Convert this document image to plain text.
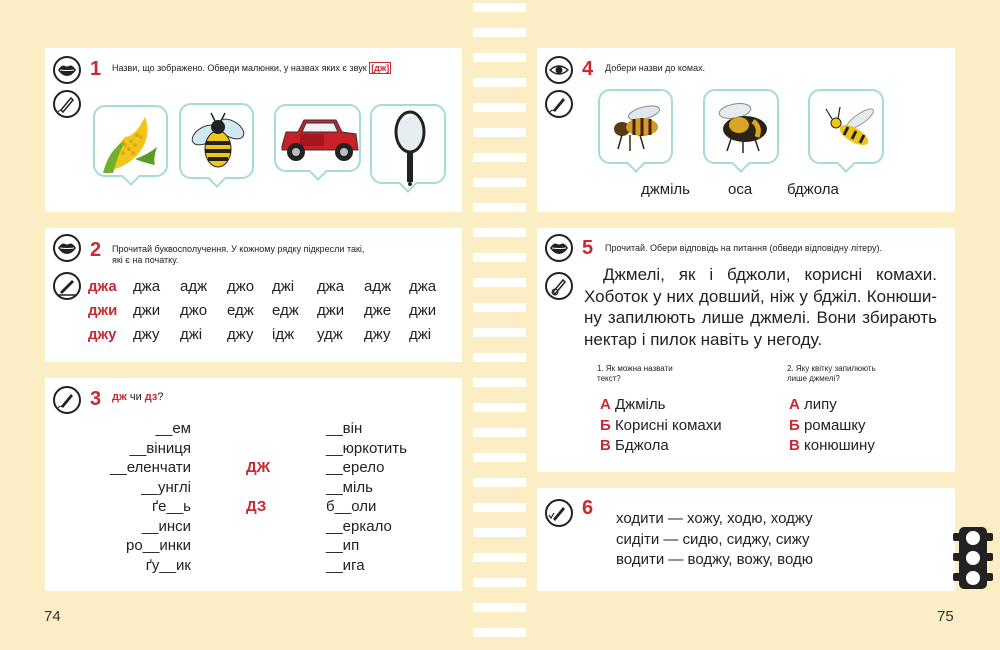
1 Назви, що зображено. Обведи малюнки, у назвах яких є звук [дж]
2 Прочитай буквосполучення. У кожному рядку підкресли такі,
які є на початку.
джа джа адж джо джі джа адж джа
джи джи джо едж едж джи дже джи
джу джу джі джу ідж удж джу джі
3 дж чи дз?
__ем
__віниця
__еленчати
__унглі
ґе__ь
__инси
ро__инки
ґу__ик
__він
__юркотить
__ерело
__міль
б__оли
__еркало
__ип
__ига
ДЖ
ДЗ
74
4 Добери назви до комах.
джміль	оса бджола
5 Прочитай. Обери відповідь на питання (обведи відповідну літеру).
Джмелі, як і бджоли, корисні комахи.
Хоботок у них довший, ніж у бджіл. Конюши-
ну запилюють лише джмелі. Вони збирають
нектар і пилок навіть у негоду.
1. Як можна назвати
текст?
2. Яку квітку запилюють
лише джмелі?
А Джміль
Б Корисні комахи
В Бджола
А липу
Б ромашку
В конюшину
6 ходити — хожу, ходю, ходжу
сидіти — сидю, сиджу, сижу
водити — воджу, вожу, водю
75
